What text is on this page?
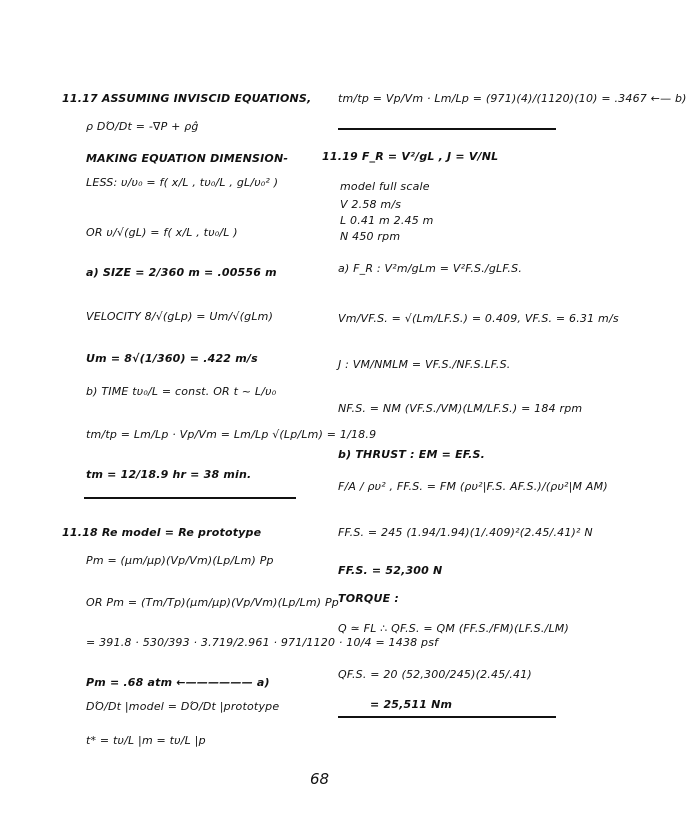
11.17 ASSUMING INVISCID EQUATIONS,
ρ DΌ/Dt = -∇P + ρĝ
MAKING EQUATION DIMENSION-
LESS: υ/υ₀ = f( x/L , tυ₀/L , gL/υ₀² )
OR υ/√(gL) = f( x/L , tυ₀/L )
a) SIZE = 2/360 m = .00556 m
VELOCITY 8/√(gLp) = Um/√(gLm)
Um = 8√(1/360) = .422 m/s
b) TIME tυ₀/L = const. OR t ~ L/υ₀
tm/tp = Lm/Lp · Vp/Vm = Lm/Lp √(Lp/Lm) = 1/18.9
tm = 12/18.9 hr = 38 min.
11.18 Re model = Re prototype
Pm = (μm/μp)(Vp/Vm)(Lp/Lm) Pp
OR Pm = (Tm/Tp)(μm/μp)(Vp/Vm)(Lp/Lm) Pp
= 391.8 · 530/393 · 3.719/2.961 · 971/1120 · 10/4 = 1438 psf
Pm = .68 atm ←—————— a)
DΌ/Dt |model = DΌ/Dt |prototype
t* = tυ/L |m = tυ/L |p
tm/tp = Vp/Vm · Lm/Lp = (971)(4)/(1120)(10) = .3467 ←— b)
11.19 F_R = V²/gL , J = V/NL
model full scale
V 2.58 m/s
L 0.41 m 2.45 m
N 450 rpm
a) F_R : V²m/gLm = V²F.S./gLF.S.
Vm/VF.S. = √(Lm/LF.S.) = 0.409, VF.S. = 6.31 m/s
J : VM/NMLM = VF.S./NF.S.LF.S.
NF.S. = NM (VF.S./VM)(LM/LF.S.) = 184 rpm
b) THRUST : EM = EF.S.
F/A / ρυ² , FF.S. = FM (ρυ²|F.S. AF.S.)/(ρυ²|M AM)
FF.S. = 245 (1.94/1.94)(1/.409)²(2.45/.41)² N
FF.S. = 52,300 N
TORQUE :
Q ≃ FL ∴ QF.S. = QM (FF.S./FM)(LF.S./LM)
QF.S. = 20 (52,300/245)(2.45/.41)
= 25,511 Nm
68
